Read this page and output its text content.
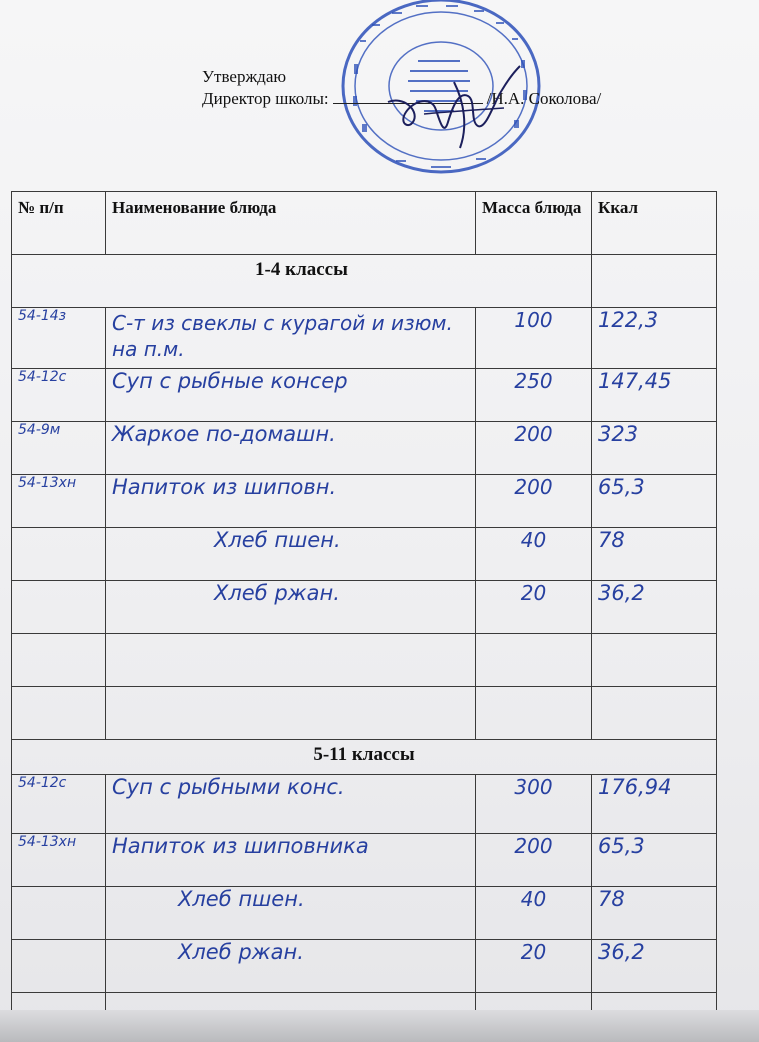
Утверждаю
Директор школы:	/Н.А. Соколова/
№ п/п	Наименование блюда	Масса блюда	Ккал
1-4 классы			
54-14з	С-т из свеклы с курагой и изюм. на п.м.	100	122,3
54-12с	Суп с рыбные консер	250	147,45
54-9м	Жаркое по-домашн.	200	323
54-13хн	Напиток из шиповн.	200	65,3
	Хлеб пшен.	40	78
	Хлеб ржан.	20	36,2

5-11 классы			
54-12с	Суп с рыбными конс.	300	176,94
54-13хн	Напиток из шиповника	200	65,3
	Хлеб пшен.	40	78
	Хлеб ржан.	20	36,2
